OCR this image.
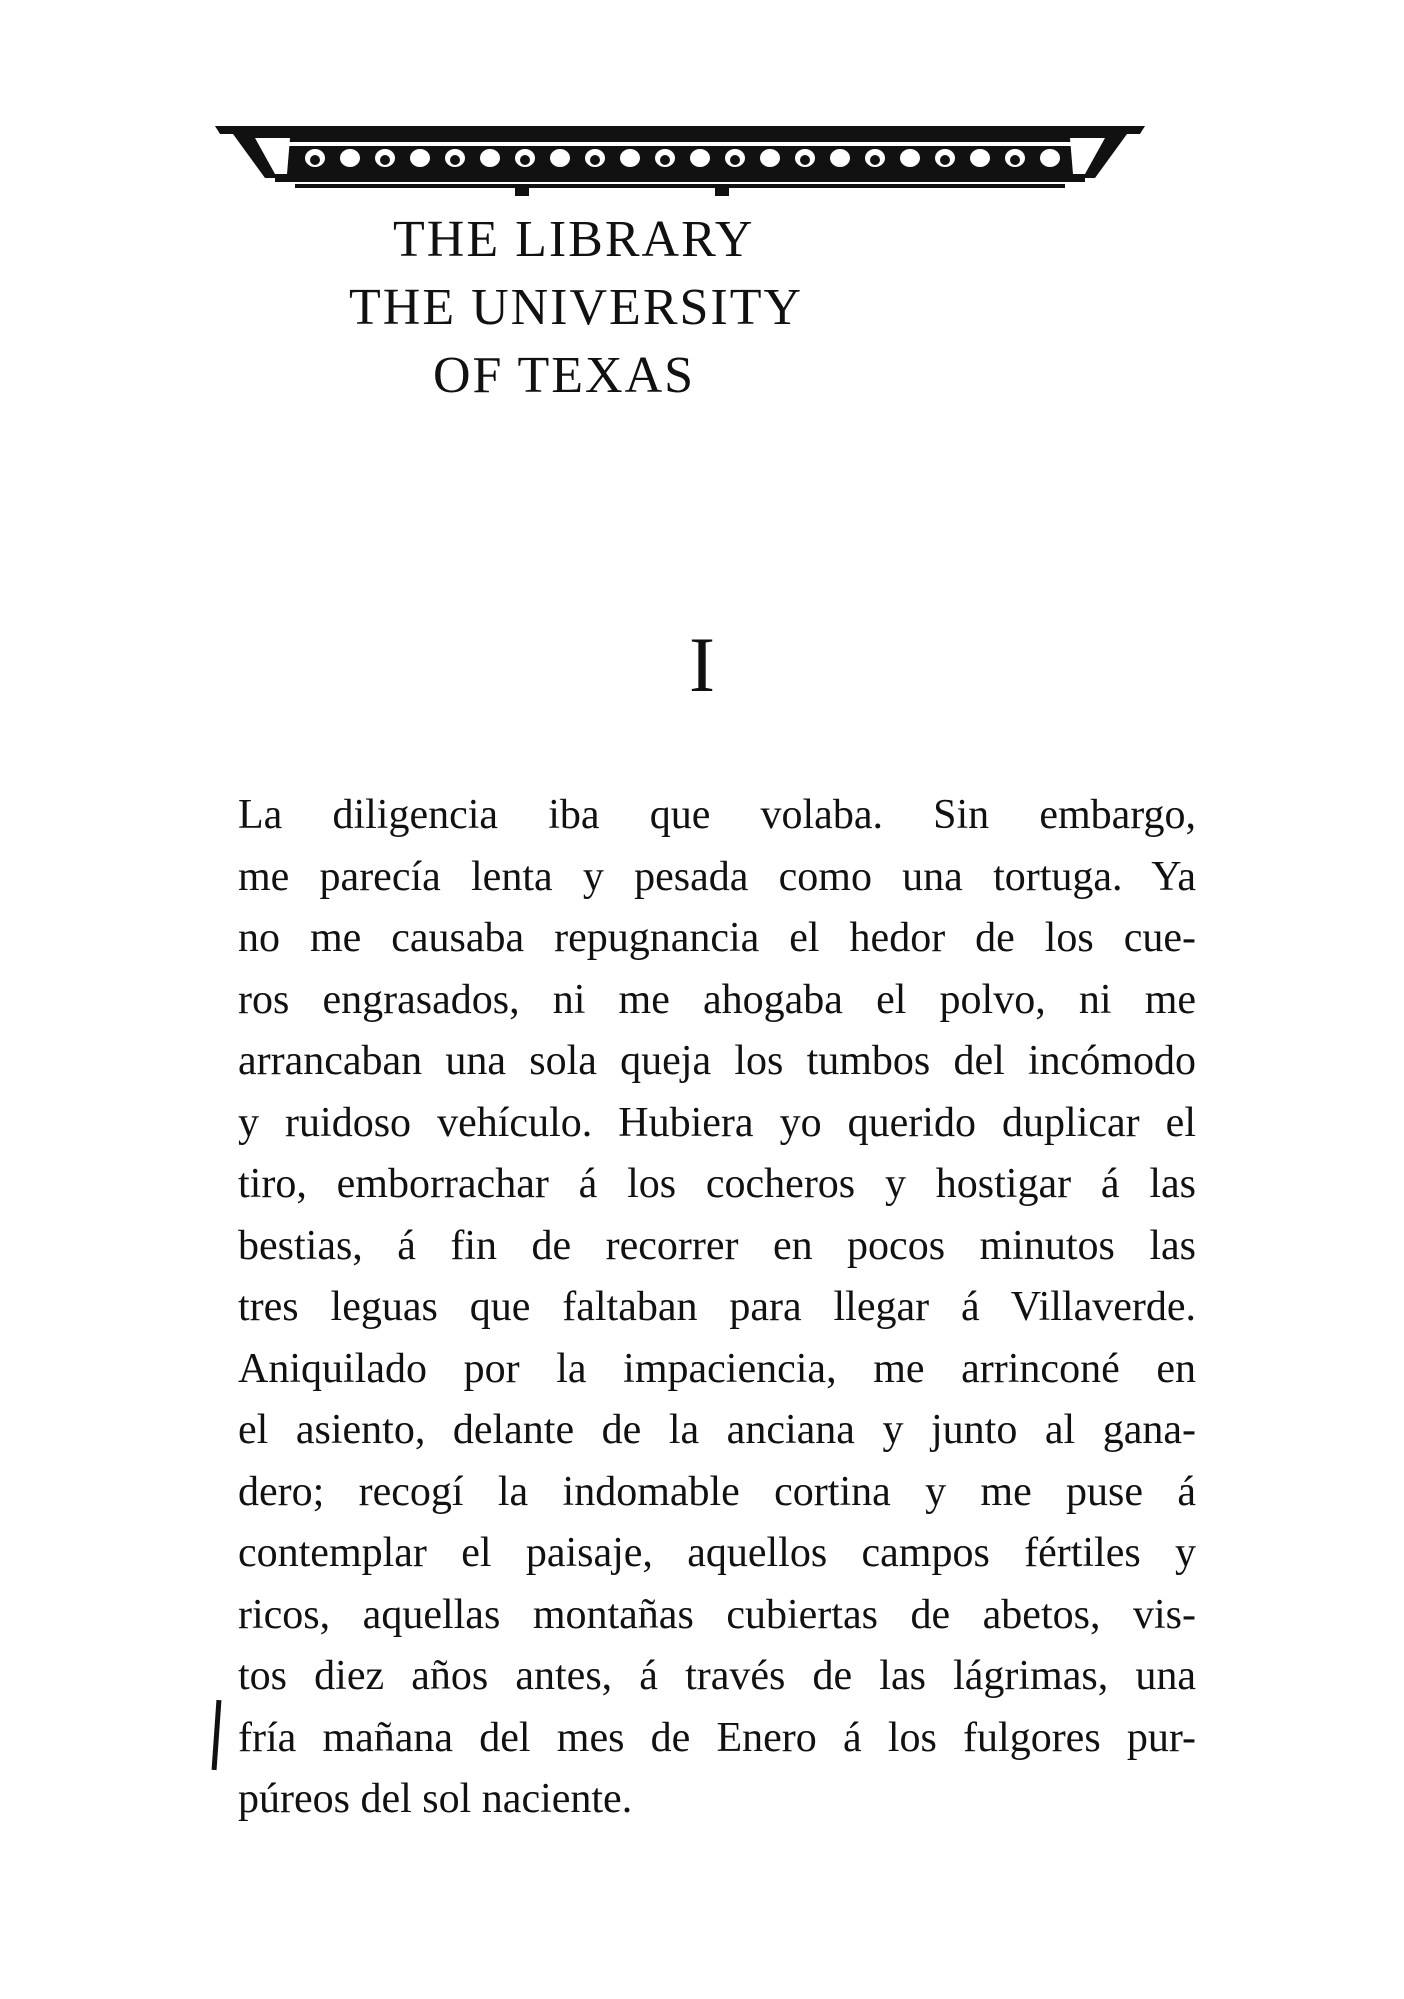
THE LIBRARY
THE UNIVERSITY
OF TEXAS
I
La diligencia iba que volaba. Sin embargo,
me parecía lenta y pesada como una tortuga. Ya
no me causaba repugnancia el hedor de los cue-
ros engrasados, ni me ahogaba el polvo, ni me
arrancaban una sola queja los tumbos del incómodo
y ruidoso vehículo. Hubiera yo querido duplicar el
tiro, emborrachar á los cocheros y hostigar á las
bestias, á fin de recorrer en pocos minutos las
tres leguas que faltaban para llegar á Villaverde.
Aniquilado por la impaciencia, me arrinconé en
el asiento, delante de la anciana y junto al gana-
dero; recogí la indomable cortina y me puse á
contemplar el paisaje, aquellos campos fértiles y
ricos, aquellas montañas cubiertas de abetos, vis-
tos diez años antes, á través de las lágrimas, una
fría mañana del mes de Enero á los fulgores pur-
púreos del sol naciente.
